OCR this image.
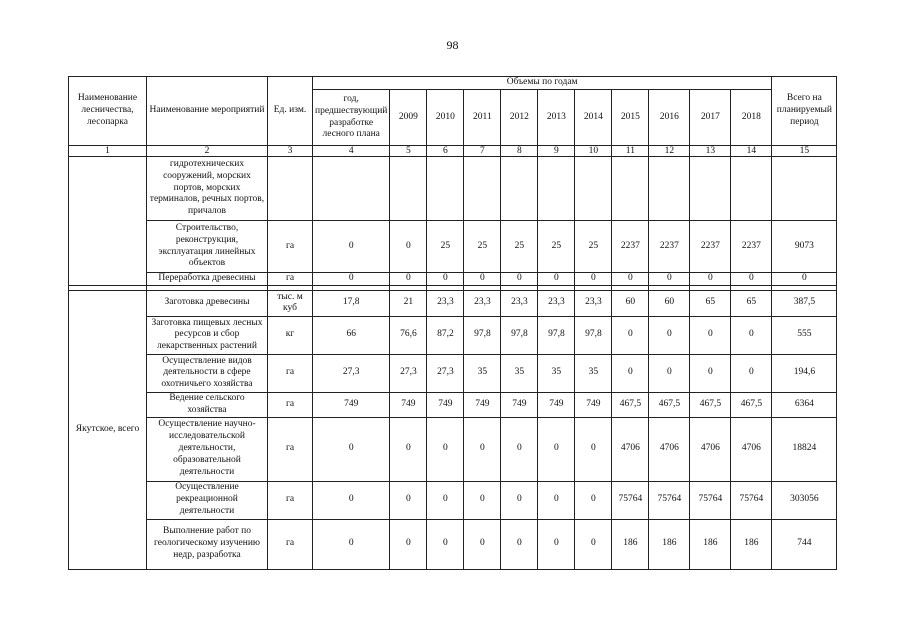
98
Наименование лесничества, лесопарка	Наименование мероприятий	Ед. изм.	Объемы по годам											Всего на планируемый период
			год, предшествующий разработке лесного плана	2009	2010	2011	2012	2013	2014	2015	2016	2017	2018	
1	2	3	4	5	6	7	8	9	10	11	12	13	14	15
	гидротехнических сооружений, морских портов, морских терминалов, речных портов, причалов													
	Строительство, реконструкция, эксплуатация линейных объектов	га	0	0	25	25	25	25	25	2237	2237	2237	2237	9073
	Переработка древесины	га	0	0	0	0	0	0	0	0	0	0	0	0

Якутское, всего	Заготовка древесины	тыс. м куб	17,8	21	23,3	23,3	23,3	23,3	23,3	60	60	65	65	387,5
	Заготовка пищевых лесных ресурсов и сбор лекарственных растений	кг	66	76,6	87,2	97,8	97,8	97,8	97,8	0	0	0	0	555
	Осуществление видов деятельности в сфере охотничьего хозяйства	га	27,3	27,3	27,3	35	35	35	35	0	0	0	0	194,6
	Ведение сельского хозяйства	га	749	749	749	749	749	749	749	467,5	467,5	467,5	467,5	6364
	Осуществление научно-исследовательской деятельности, образовательной деятельности	га	0	0	0	0	0	0	0	4706	4706	4706	4706	18824
	Осуществление рекреационной деятельности	га	0	0	0	0	0	0	0	75764	75764	75764	75764	303056
	Выполнение работ по геологическому изучению недр, разработка	га	0	0	0	0	0	0	0	186	186	186	186	744
